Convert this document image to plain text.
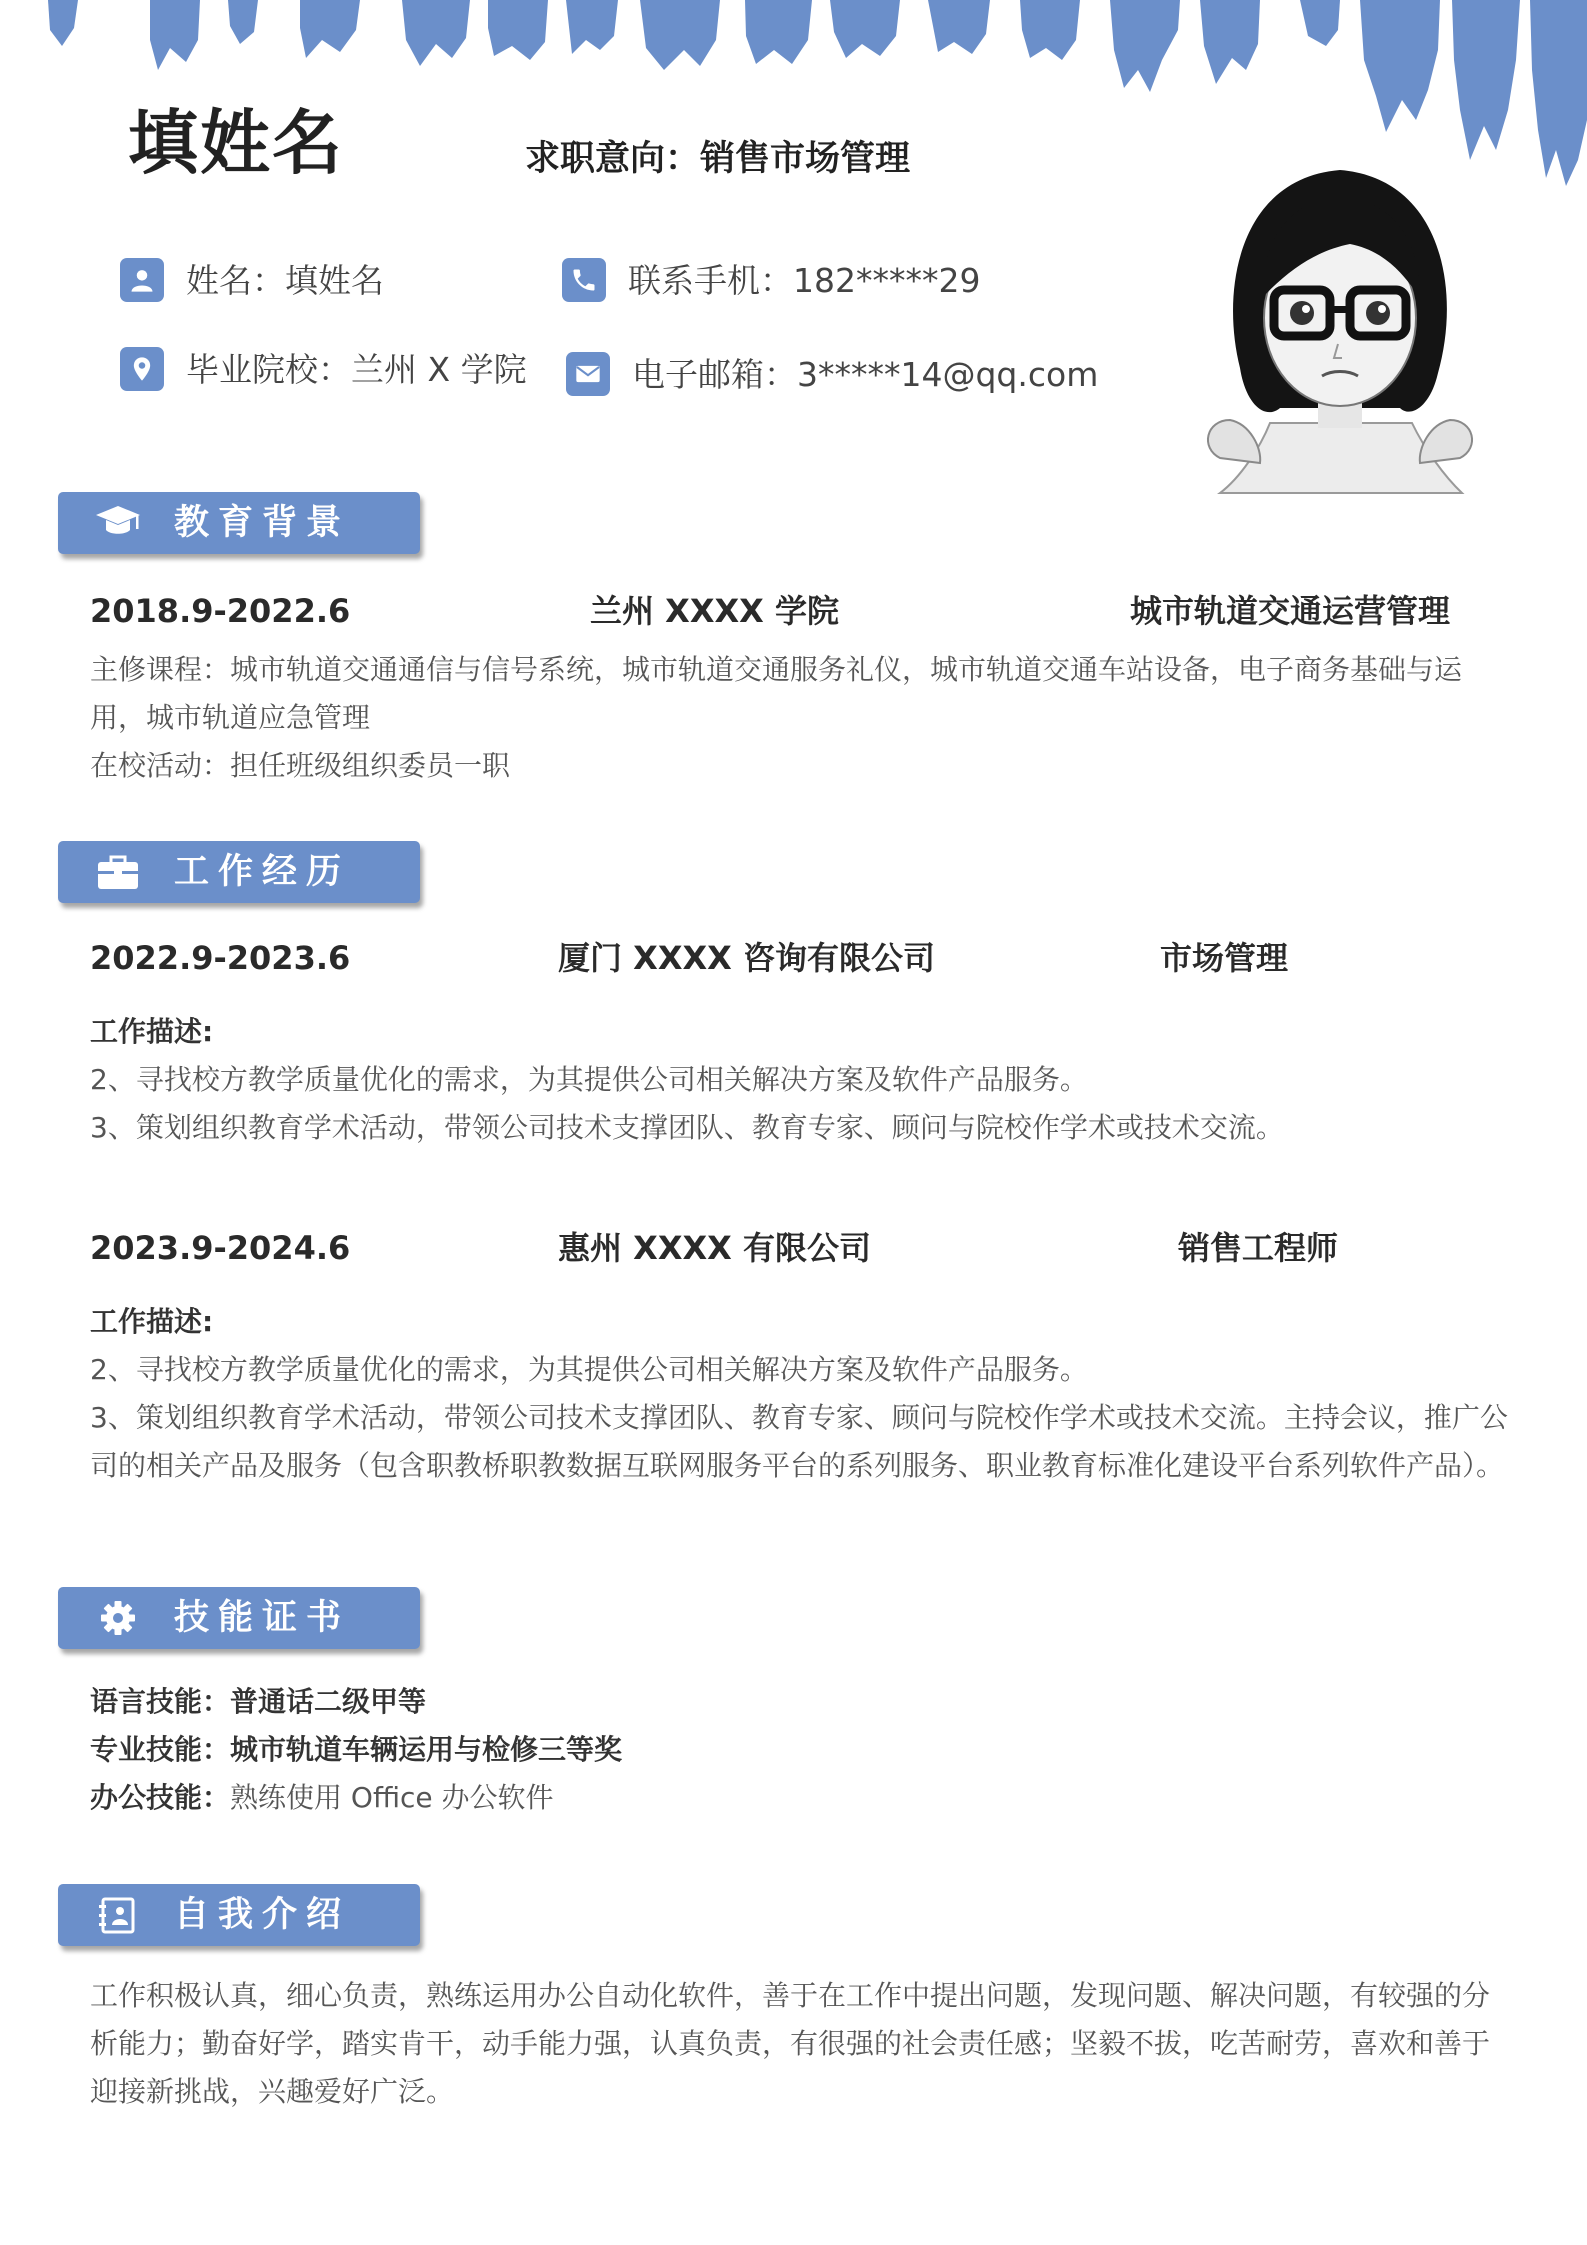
填姓名	求职意向：销售市场管理
姓名：填姓名	联系手机：182*****29
毕业院校：兰州 X 学院	电子邮箱：3*****14@qq.com
教育背景
2018.9-2022.6	兰州 XXXX 学院	城市轨道交通运营管理
主修课程：城市轨道交通通信与信号系统，城市轨道交通服务礼仪，城市轨道交通车站设备，电子商务基础与运用，城市轨道应急管理
在校活动：担任班级组织委员一职
工作经历
2022.9-2023.6	厦门 XXXX 咨询有限公司	市场管理
工作描述:
2、寻找校方教学质量优化的需求，为其提供公司相关解决方案及软件产品服务。
3、策划组织教育学术活动，带领公司技术支撑团队、教育专家、顾问与院校作学术或技术交流。
2023.9-2024.6	惠州 XXXX 有限公司	销售工程师
工作描述:
2、寻找校方教学质量优化的需求，为其提供公司相关解决方案及软件产品服务。
3、策划组织教育学术活动，带领公司技术支撑团队、教育专家、顾问与院校作学术或技术交流。主持会议，推广公司的相关产品及服务（包含职教桥职教数据互联网服务平台的系列服务、职业教育标准化建设平台系列软件产品）。
技能证书
语言技能：普通话二级甲等
专业技能：城市轨道车辆运用与检修三等奖
办公技能：熟练使用 Office 办公软件
自我介绍
工作积极认真，细心负责，熟练运用办公自动化软件，善于在工作中提出问题，发现问题、解决问题，有较强的分析能力；勤奋好学，踏实肯干，动手能力强，认真负责，有很强的社会责任感；坚毅不拔，吃苦耐劳，喜欢和善于迎接新挑战，兴趣爱好广泛。
